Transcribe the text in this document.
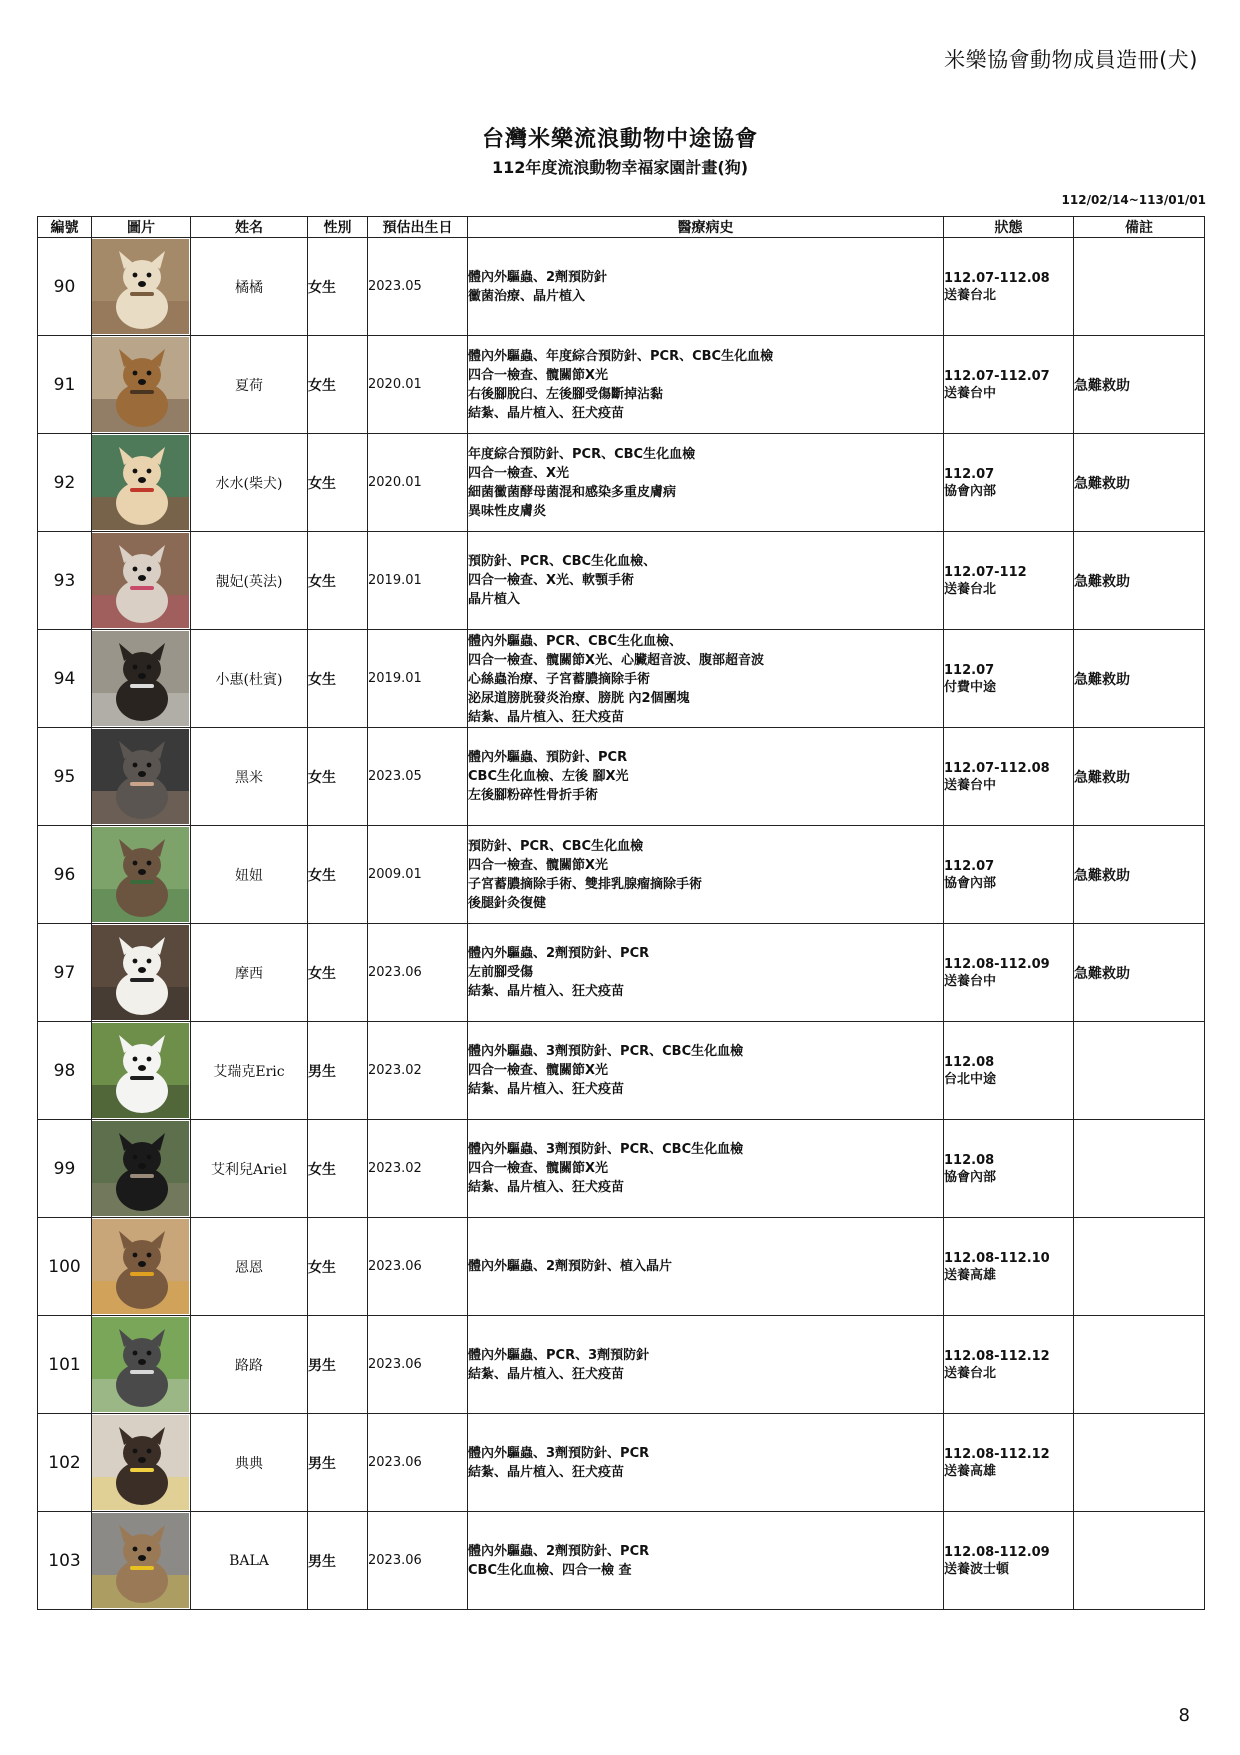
米樂協會動物成員造冊(犬)
台灣米樂流浪動物中途協會
112年度流浪動物幸福家園計畫(狗)
112/02/14~113/01/01
編號	圖片	姓名	性別	預估出生日	醫療病史	狀態	備註
90		橘橘	女生	2023.05	體內外驅蟲、2劑預防針
黴菌治療、晶片植入	112.07-112.08
送養台北	

91		夏荷	女生	2020.01	體內外驅蟲、年度綜合預防針、PCR、CBC生化血檢
四合一檢查、髖關節X光
右後腳脫臼、左後腳受傷斷掉沾黏
結紮、晶片植入、狂犬疫苗	112.07-112.07
送養台中	急難救助
92		水水(柴犬)	女生	2020.01	年度綜合預防針、PCR、CBC生化血檢
四合一檢查、X光
細菌黴菌酵母菌混和感染多重皮膚病
異味性皮膚炎	112.07
協會內部	急難救助
93		靚妃(英法)	女生	2019.01	預防針、PCR、CBC生化血檢、
四合一檢查、X光、軟顎手術
晶片植入	112.07-112
送養台北	急難救助
94		小惠(杜賓)	女生	2019.01	體內外驅蟲、PCR、CBC生化血檢、
四合一檢查、髖關節X光、心臟超音波、腹部超音波
心絲蟲治療、子宮蓄膿摘除手術
泌尿道膀胱發炎治療、膀胱 內2個團塊
結紮、晶片植入、狂犬疫苗	112.07
付費中途	急難救助
95		黑米	女生	2023.05	體內外驅蟲、預防針、PCR
CBC生化血檢、左後 腳X光
左後腳粉碎性骨折手術	112.07-112.08
送養台中	急難救助
96		妞妞	女生	2009.01	預防針、PCR、CBC生化血檢
四合一檢查、髖關節X光
子宮蓄膿摘除手術、雙排乳腺瘤摘除手術
後腿針灸復健	112.07
協會內部	急難救助
97		摩西	女生	2023.06	體內外驅蟲、2劑預防針、PCR
左前腳受傷
結紮、晶片植入、狂犬疫苗	112.08-112.09
送養台中	急難救助
98		艾瑞克Eric	男生	2023.02	體內外驅蟲、3劑預防針、PCR、CBC生化血檢
四合一檢查、髖關節X光
結紮、晶片植入、狂犬疫苗	112.08
台北中途	

99		艾利兒Ariel	女生	2023.02	體內外驅蟲、3劑預防針、PCR、CBC生化血檢
四合一檢查、髖關節X光
結紮、晶片植入、狂犬疫苗	112.08
協會內部	

100		恩恩	女生	2023.06	體內外驅蟲、2劑預防針、植入晶片	112.08-112.10
送養高雄	

101		路路	男生	2023.06	體內外驅蟲、PCR、3劑預防針
結紮、晶片植入、狂犬疫苗	112.08-112.12
送養台北	

102		典典	男生	2023.06	體內外驅蟲、3劑預防針、PCR
結紮、晶片植入、狂犬疫苗	112.08-112.12
送養高雄	

103		BALA	男生	2023.06	體內外驅蟲、2劑預防針、PCR
CBC生化血檢、四合一檢 查	112.08-112.09
送養波士頓	

8
